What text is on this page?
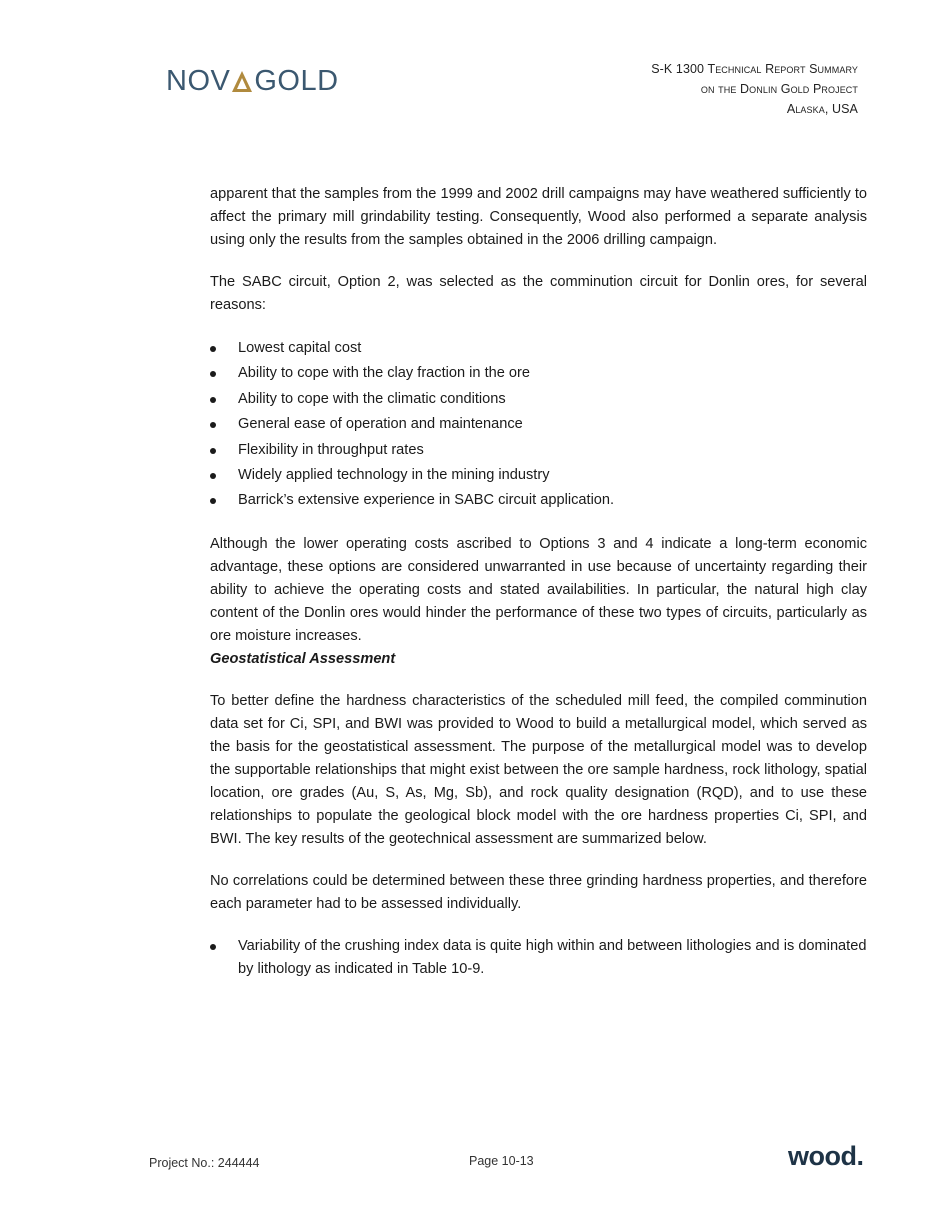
NOV GOLD	S-K 1300 Technical Report Summary
on the Donlin Gold Project
Alaska, USA

apparent that the samples from the 1999 and 2002 drill campaigns may have weathered sufficiently to affect the primary mill grindability testing. Consequently, Wood also performed a separate analysis using only the results from the samples obtained in the 2006 drilling campaign.

The SABC circuit, Option 2, was selected as the comminution circuit for Donlin ores, for several reasons:

Lowest capital cost
Ability to cope with the clay fraction in the ore
Ability to cope with the climatic conditions
General ease of operation and maintenance
Flexibility in throughput rates
Widely applied technology in the mining industry
Barrick’s extensive experience in SABC circuit application.

Although the lower operating costs ascribed to Options 3 and 4 indicate a long-term economic advantage, these options are considered unwarranted in use because of uncertainty regarding their ability to achieve the operating costs and stated availabilities. In particular, the natural high clay content of the Donlin ores would hinder the performance of these two types of circuits, particularly as ore moisture increases.

Geostatistical Assessment

To better define the hardness characteristics of the scheduled mill feed, the compiled comminution data set for Ci, SPI, and BWI was provided to Wood to build a metallurgical model, which served as the basis for the geostatistical assessment. The purpose of the metallurgical model was to develop the supportable relationships that might exist between the ore sample hardness, rock lithology, spatial location, ore grades (Au, S, As, Mg, Sb), and rock quality designation (RQD), and to use these relationships to populate the geological block model with the ore hardness properties Ci, SPI, and BWI. The key results of the geotechnical assessment are summarized below.

No correlations could be determined between these three grinding hardness properties, and therefore each parameter had to be assessed individually.

Variability of the crushing index data is quite high within and between lithologies and is dominated by lithology as indicated in Table 10-9.
Project No.: 244444	Page 10-13	wood.
